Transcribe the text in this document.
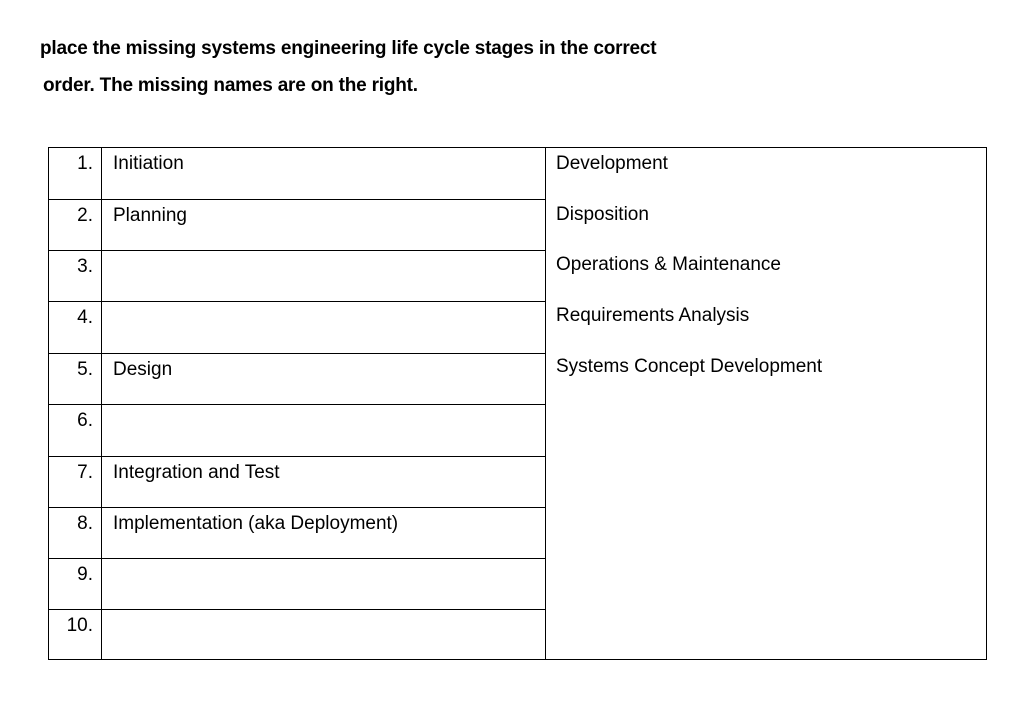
place the missing systems engineering life cycle stages in the correct
order. The missing names are on the right.
1.	Initiation
2.	Planning
3.
4.
5.	Design
6.
7.	Integration and Test
8.	Implementation (aka Deployment)
9.
10.
Development
Disposition
Operations & Maintenance
Requirements Analysis
Systems Concept Development
